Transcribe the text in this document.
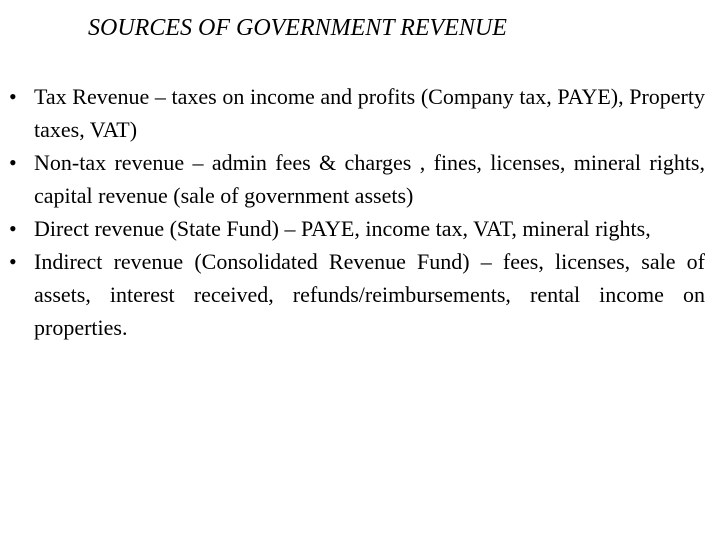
SOURCES OF GOVERNMENT REVENUE
• Tax Revenue – taxes on income and profits (Company tax, PAYE), Property taxes, VAT)
• Non-tax revenue – admin fees & charges , fines, licenses, mineral rights, capital revenue (sale of government assets)
• Direct revenue (State Fund) – PAYE, income tax, VAT, mineral rights,
• Indirect revenue (Consolidated Revenue Fund) – fees, licenses, sale of assets, interest received, refunds/reimbursements, rental income on properties.
